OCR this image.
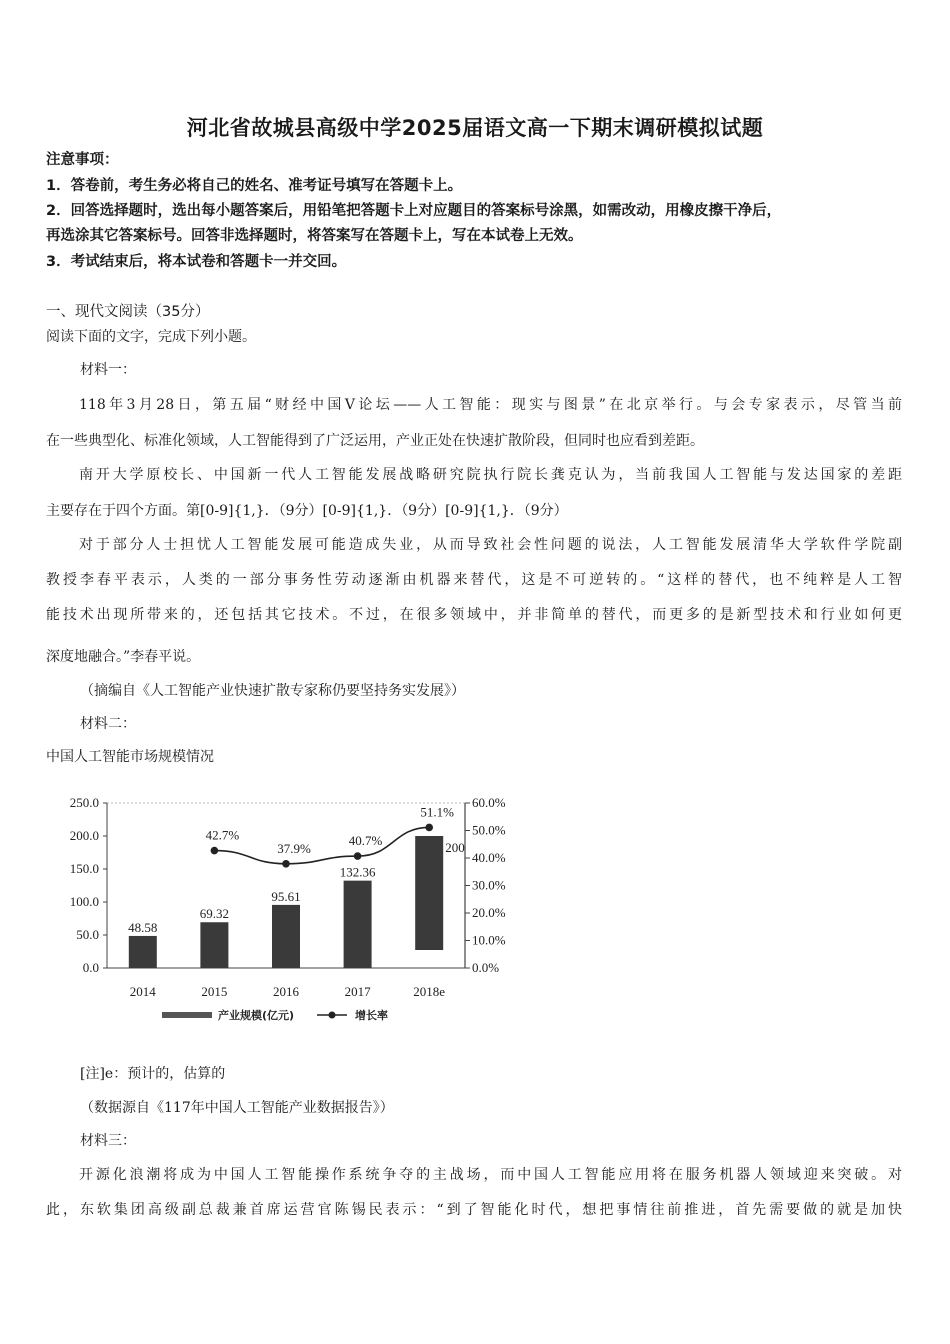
河北省故城县高级中学2025届语文高一下期末调研模拟试题
注意事项：
1．答卷前，考生务必将自己的姓名、准考证号填写在答题卡上。
2．回答选择题时，选出每小题答案后，用铅笔把答题卡上对应题目的答案标号涂黑，如需改动，用橡皮擦干净后，
再选涂其它答案标号。回答非选择题时，将答案写在答题卡上，写在本试卷上无效。
3．考试结束后，将本试卷和答题卡一并交回。
一、现代文阅读（35分）
阅读下面的文字，完成下列小题。
材料一：
118年3月28日，第五届“财经中国V论坛——人工智能：现实与图景”在北京举行。与会专家表示，尽管当前
在一些典型化、标准化领域，人工智能得到了广泛运用，产业正处在快速扩散阶段，但同时也应看到差距。
南开大学原校长、中国新一代人工智能发展战略研究院执行院长龚克认为，当前我国人工智能与发达国家的差距
主要存在于四个方面。第[0-9]{1,}．（9分）[0-9]{1,}．（9分）[0-9]{1,}．（9分）
对于部分人士担忧人工智能发展可能造成失业，从而导致社会性问题的说法，人工智能发展清华大学软件学院副
教授李春平表示，人类的一部分事务性劳动逐渐由机器来替代，这是不可逆转的。“这样的替代，也不纯粹是人工智
能技术出现所带来的，还包括其它技术。不过，在很多领域中，并非简单的替代，而更多的是新型技术和行业如何更
深度地融合。”李春平说。
（摘编自《人工智能产业快速扩散专家称仍要坚持务实发展》）
材料二：
中国人工智能市场规模情况
产业规模(亿元)	增长率
0.0
50.0
100.0
150.0
200.0
250.0
0.0%
10.0%
20.0%
30.0%
40.0%
50.0%
60.0%
48.58
69.32
95.61
132.36
200
2014	2015	2016	2017	2018e
42.7%
37.9%
40.7%
51.1%
[注]e：预计的，估算的
（数据源自《117年中国人工智能产业数据报告》）
材料三：
开源化浪潮将成为中国人工智能操作系统争夺的主战场，而中国人工智能应用将在服务机器人领域迎来突破。对
此，东软集团高级副总裁兼首席运营官陈锡民表示：“到了智能化时代，想把事情往前推进，首先需要做的就是加快
